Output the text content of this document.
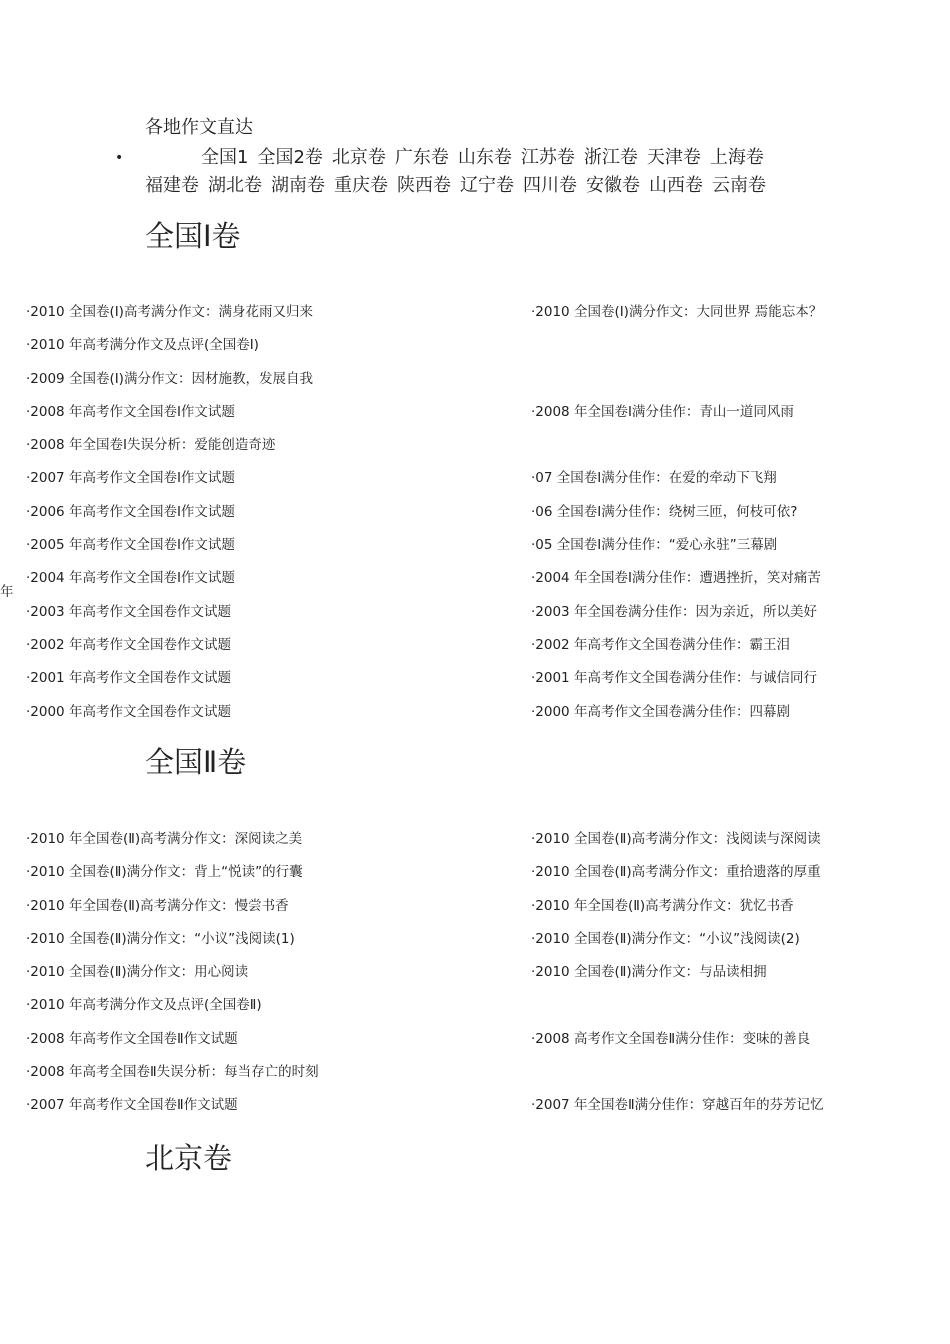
各地作文直达
•	全国1 全国2卷 北京卷 广东卷 山东卷 江苏卷 浙江卷 天津卷 上海卷
福建卷 湖北卷 湖南卷 重庆卷 陕西卷 辽宁卷 四川卷 安徽卷 山西卷 云南卷
年
全国Ⅰ卷
·2010 全国卷(Ⅰ)高考满分作文：满身花雨又归来	·2010 全国卷(Ⅰ)满分作文：大同世界 焉能忘本？
·2010 年高考满分作文及点评(全国卷Ⅰ)
·2009 全国卷(Ⅰ)满分作文：因材施教，发展自我
·2008 年高考作文全国卷Ⅰ作文试题	·2008 年全国卷Ⅰ满分佳作：青山一道同风雨
·2008 年全国卷Ⅰ失误分析：爱能创造奇迹
·2007 年高考作文全国卷Ⅰ作文试题	·07 全国卷Ⅰ满分佳作：在爱的牵动下飞翔
·2006 年高考作文全国卷Ⅰ作文试题	·06 全国卷Ⅰ满分佳作：绕树三匝，何枝可依?
·2005 年高考作文全国卷Ⅰ作文试题	·05 全国卷Ⅰ满分佳作：“爱心永驻”三幕剧
·2004 年高考作文全国卷Ⅰ作文试题	·2004 年全国卷Ⅰ满分佳作：遭遇挫折，笑对痛苦
·2003 年高考作文全国卷作文试题	·2003 年全国卷满分佳作：因为亲近，所以美好
·2002 年高考作文全国卷作文试题	·2002 年高考作文全国卷满分佳作：霸王泪
·2001 年高考作文全国卷作文试题	·2001 年高考作文全国卷满分佳作：与诚信同行
·2000 年高考作文全国卷作文试题	·2000 年高考作文全国卷满分佳作：四幕剧
全国Ⅱ卷
·2010 年全国卷(Ⅱ)高考满分作文：深阅读之美	·2010 全国卷(Ⅱ)高考满分作文：浅阅读与深阅读
·2010 全国卷(Ⅱ)满分作文：背上“悦读”的行囊	·2010 全国卷(Ⅱ)高考满分作文：重拾遗落的厚重
·2010 年全国卷(Ⅱ)高考满分作文：慢尝书香	·2010 年全国卷(Ⅱ)高考满分作文：犹忆书香
·2010 全国卷(Ⅱ)满分作文：“小议”浅阅读(1)	·2010 全国卷(Ⅱ)满分作文：“小议”浅阅读(2)
·2010 全国卷(Ⅱ)满分作文：用心阅读	·2010 全国卷(Ⅱ)满分作文：与品读相拥
·2010 年高考满分作文及点评(全国卷Ⅱ)
·2008 年高考作文全国卷Ⅱ作文试题	·2008 高考作文全国卷Ⅱ满分佳作：变味的善良
·2008 年高考全国卷Ⅱ失误分析：每当存亡的时刻
·2007 年高考作文全国卷Ⅱ作文试题	·2007 年全国卷Ⅱ满分佳作：穿越百年的芬芳记忆
北京卷
